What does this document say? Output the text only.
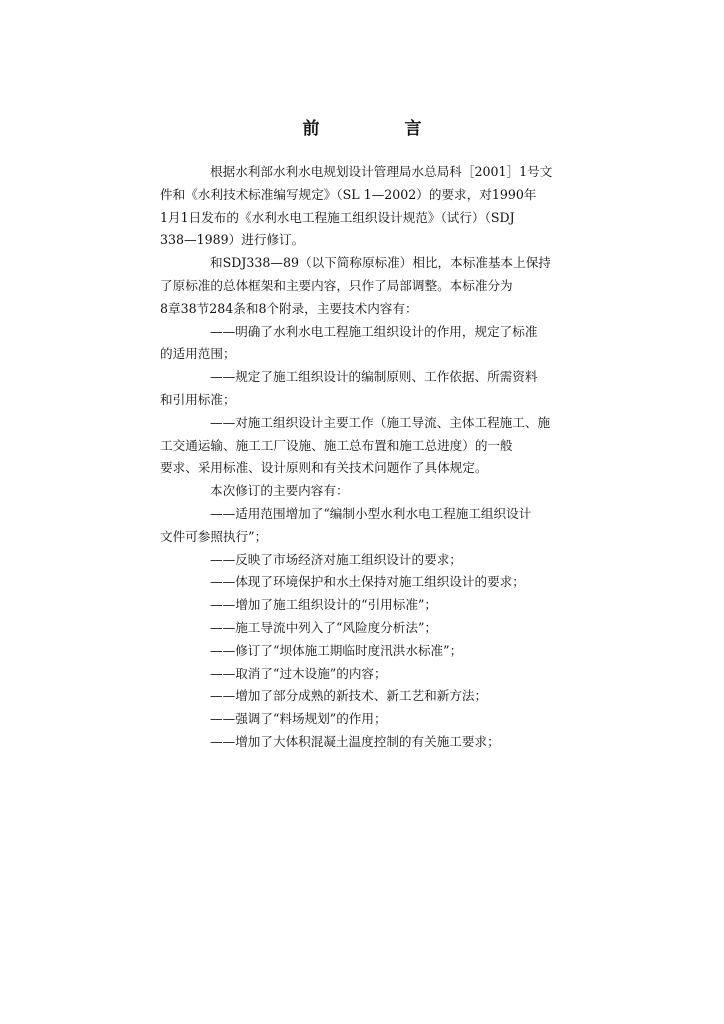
前　言

根据水利部水利水电规划设计管理局水总局科［2001］1号文
件和《水利技术标准编写规定》（SL 1—2002）的要求，对1990年
1月1日发布的《水利水电工程施工组织设计规范》（试行）（SDJ
338—1989）进行修订。

和SDJ338—89（以下简称原标准）相比，本标准基本上保持
了原标准的总体框架和主要内容，只作了局部调整。本标准分为
8章38节284条和8个附录，主要技术内容有：

——明确了水利水电工程施工组织设计的作用，规定了标准
的适用范围；

——规定了施工组织设计的编制原则、工作依据、所需资料
和引用标准；

——对施工组织设计主要工作（施工导流、主体工程施工、施
工交通运输、施工工厂设施、施工总布置和施工总进度）的一般
要求、采用标准、设计原则和有关技术问题作了具体规定。

本次修订的主要内容有：

——适用范围增加了“编制小型水利水电工程施工组织设计
文件可参照执行”；

——反映了市场经济对施工组织设计的要求；

——体现了环境保护和水土保持对施工组织设计的要求；

——增加了施工组织设计的“引用标准”；

——施工导流中列入了“风险度分析法”；

——修订了“坝体施工期临时度汛洪水标准”；

——取消了“过木设施”的内容；

——增加了部分成熟的新技术、新工艺和新方法；

——强调了“料场规划”的作用；

——增加了大体积混凝土温度控制的有关施工要求；
